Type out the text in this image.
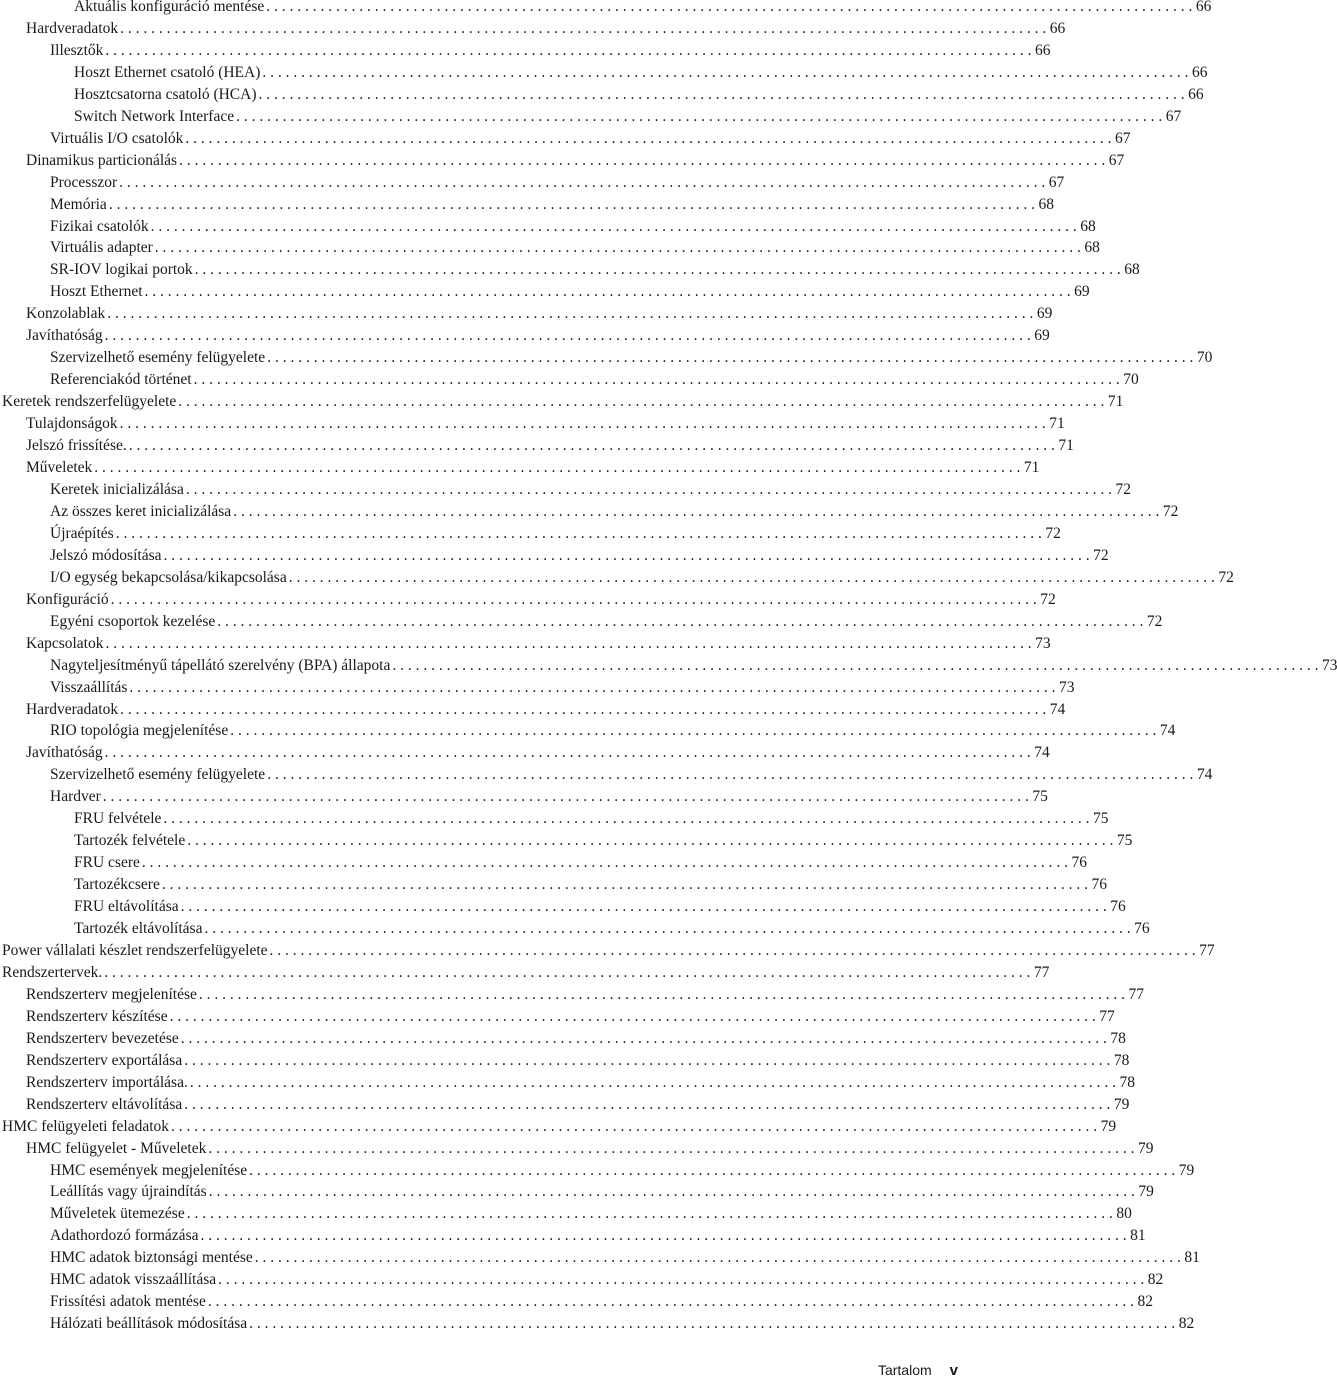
Aktuális konfiguráció mentése . . . . . . . . . . . . . . . . . . . . . . . . . . . . . . . . . . . . . . . . . . . . . . . . . . . . . . . . . . . . . . . . . . . . . . . . . . . . . . . . . . . . . . . . . . . . . . . . . . . . . . . . . . . . . . . . . . . . . . . . 66
Hardveradatok . . . . . . . . . . . . . . . . . . . . . . . . . . . . . . . . . . . . . . . . . . . . . . . . . . . . . . . . . . . . . . . . . . . . . . . . . . . . . . . . . . . . . . . . . . . . . . . . . . . . . . . . . . . . . . . . . . . . . . . . 66
Illesztők . . . . . . . . . . . . . . . . . . . . . . . . . . . . . . . . . . . . . . . . . . . . . . . . . . . . . . . . . . . . . . . . . . . . . . . . . . . . . . . . . . . . . . . . . . . . . . . . . . . . . . . . . . . . . . . . . . . . . . . . 66
Hoszt Ethernet csatoló (HEA) . . . . . . . . . . . . . . . . . . . . . . . . . . . . . . . . . . . . . . . . . . . . . . . . . . . . . . . . . . . . . . . . . . . . . . . . . . . . . . . . . . . . . . . . . . . . . . . . . . . . . . . . . . . . . . . . . . . . . . . . 66
Hosztcsatorna csatoló (HCA) . . . . . . . . . . . . . . . . . . . . . . . . . . . . . . . . . . . . . . . . . . . . . . . . . . . . . . . . . . . . . . . . . . . . . . . . . . . . . . . . . . . . . . . . . . . . . . . . . . . . . . . . . . . . . . . . . . . . . . . . 66
Switch Network Interface . . . . . . . . . . . . . . . . . . . . . . . . . . . . . . . . . . . . . . . . . . . . . . . . . . . . . . . . . . . . . . . . . . . . . . . . . . . . . . . . . . . . . . . . . . . . . . . . . . . . . . . . . . . . . . . . . . . . . . . . 67
Virtuális I/O csatolók . . . . . . . . . . . . . . . . . . . . . . . . . . . . . . . . . . . . . . . . . . . . . . . . . . . . . . . . . . . . . . . . . . . . . . . . . . . . . . . . . . . . . . . . . . . . . . . . . . . . . . . . . . . . . . . . . . . . . . . . 67
Dinamikus particionálás . . . . . . . . . . . . . . . . . . . . . . . . . . . . . . . . . . . . . . . . . . . . . . . . . . . . . . . . . . . . . . . . . . . . . . . . . . . . . . . . . . . . . . . . . . . . . . . . . . . . . . . . . . . . . . . . . . . . . . . . 67
Processzor . . . . . . . . . . . . . . . . . . . . . . . . . . . . . . . . . . . . . . . . . . . . . . . . . . . . . . . . . . . . . . . . . . . . . . . . . . . . . . . . . . . . . . . . . . . . . . . . . . . . . . . . . . . . . . . . . . . . . . . . 67
Memória . . . . . . . . . . . . . . . . . . . . . . . . . . . . . . . . . . . . . . . . . . . . . . . . . . . . . . . . . . . . . . . . . . . . . . . . . . . . . . . . . . . . . . . . . . . . . . . . . . . . . . . . . . . . . . . . . . . . . . . . 68
Fizikai csatolók . . . . . . . . . . . . . . . . . . . . . . . . . . . . . . . . . . . . . . . . . . . . . . . . . . . . . . . . . . . . . . . . . . . . . . . . . . . . . . . . . . . . . . . . . . . . . . . . . . . . . . . . . . . . . . . . . . . . . . . . 68
Virtuális adapter . . . . . . . . . . . . . . . . . . . . . . . . . . . . . . . . . . . . . . . . . . . . . . . . . . . . . . . . . . . . . . . . . . . . . . . . . . . . . . . . . . . . . . . . . . . . . . . . . . . . . . . . . . . . . . . . . . . . . . . . 68
SR-IOV logikai portok . . . . . . . . . . . . . . . . . . . . . . . . . . . . . . . . . . . . . . . . . . . . . . . . . . . . . . . . . . . . . . . . . . . . . . . . . . . . . . . . . . . . . . . . . . . . . . . . . . . . . . . . . . . . . . . . . . . . . . . . 68
Hoszt Ethernet . . . . . . . . . . . . . . . . . . . . . . . . . . . . . . . . . . . . . . . . . . . . . . . . . . . . . . . . . . . . . . . . . . . . . . . . . . . . . . . . . . . . . . . . . . . . . . . . . . . . . . . . . . . . . . . . . . . . . . . . 69
Konzolablak . . . . . . . . . . . . . . . . . . . . . . . . . . . . . . . . . . . . . . . . . . . . . . . . . . . . . . . . . . . . . . . . . . . . . . . . . . . . . . . . . . . . . . . . . . . . . . . . . . . . . . . . . . . . . . . . . . . . . . . . 69
Javíthatóság . . . . . . . . . . . . . . . . . . . . . . . . . . . . . . . . . . . . . . . . . . . . . . . . . . . . . . . . . . . . . . . . . . . . . . . . . . . . . . . . . . . . . . . . . . . . . . . . . . . . . . . . . . . . . . . . . . . . . . . . 69
Szervizelhető esemény felügyelete . . . . . . . . . . . . . . . . . . . . . . . . . . . . . . . . . . . . . . . . . . . . . . . . . . . . . . . . . . . . . . . . . . . . . . . . . . . . . . . . . . . . . . . . . . . . . . . . . . . . . . . . . . . . . . . . . . . . . . . . 70
Referenciakód történet . . . . . . . . . . . . . . . . . . . . . . . . . . . . . . . . . . . . . . . . . . . . . . . . . . . . . . . . . . . . . . . . . . . . . . . . . . . . . . . . . . . . . . . . . . . . . . . . . . . . . . . . . . . . . . . . . . . . . . . . 70
Keretek rendszerfelügyelete . . . . . . . . . . . . . . . . . . . . . . . . . . . . . . . . . . . . . . . . . . . . . . . . . . . . . . . . . . . . . . . . . . . . . . . . . . . . . . . . . . . . . . . . . . . . . . . . . . . . . . . . . . . . . . . . . . . . . . . . 71
Tulajdonságok . . . . . . . . . . . . . . . . . . . . . . . . . . . . . . . . . . . . . . . . . . . . . . . . . . . . . . . . . . . . . . . . . . . . . . . . . . . . . . . . . . . . . . . . . . . . . . . . . . . . . . . . . . . . . . . . . . . . . . . . 71
Jelszó frissítése. . . . . . . . . . . . . . . . . . . . . . . . . . . . . . . . . . . . . . . . . . . . . . . . . . . . . . . . . . . . . . . . . . . . . . . . . . . . . . . . . . . . . . . . . . . . . . . . . . . . . . . . . . . . . . . . . . . . . . . . . 71
Műveletek . . . . . . . . . . . . . . . . . . . . . . . . . . . . . . . . . . . . . . . . . . . . . . . . . . . . . . . . . . . . . . . . . . . . . . . . . . . . . . . . . . . . . . . . . . . . . . . . . . . . . . . . . . . . . . . . . . . . . . . . 71
Keretek inicializálása . . . . . . . . . . . . . . . . . . . . . . . . . . . . . . . . . . . . . . . . . . . . . . . . . . . . . . . . . . . . . . . . . . . . . . . . . . . . . . . . . . . . . . . . . . . . . . . . . . . . . . . . . . . . . . . . . . . . . . . . 72
Az összes keret inicializálása . . . . . . . . . . . . . . . . . . . . . . . . . . . . . . . . . . . . . . . . . . . . . . . . . . . . . . . . . . . . . . . . . . . . . . . . . . . . . . . . . . . . . . . . . . . . . . . . . . . . . . . . . . . . . . . . . . . . . . . . 72
Újraépítés . . . . . . . . . . . . . . . . . . . . . . . . . . . . . . . . . . . . . . . . . . . . . . . . . . . . . . . . . . . . . . . . . . . . . . . . . . . . . . . . . . . . . . . . . . . . . . . . . . . . . . . . . . . . . . . . . . . . . . . . 72
Jelszó módosítása . . . . . . . . . . . . . . . . . . . . . . . . . . . . . . . . . . . . . . . . . . . . . . . . . . . . . . . . . . . . . . . . . . . . . . . . . . . . . . . . . . . . . . . . . . . . . . . . . . . . . . . . . . . . . . . . . . . . . . . . 72
I/O egység bekapcsolása/kikapcsolása . . . . . . . . . . . . . . . . . . . . . . . . . . . . . . . . . . . . . . . . . . . . . . . . . . . . . . . . . . . . . . . . . . . . . . . . . . . . . . . . . . . . . . . . . . . . . . . . . . . . . . . . . . . . . . . . . . . . . . . . 72
Konfiguráció . . . . . . . . . . . . . . . . . . . . . . . . . . . . . . . . . . . . . . . . . . . . . . . . . . . . . . . . . . . . . . . . . . . . . . . . . . . . . . . . . . . . . . . . . . . . . . . . . . . . . . . . . . . . . . . . . . . . . . . . 72
Egyéni csoportok kezelése . . . . . . . . . . . . . . . . . . . . . . . . . . . . . . . . . . . . . . . . . . . . . . . . . . . . . . . . . . . . . . . . . . . . . . . . . . . . . . . . . . . . . . . . . . . . . . . . . . . . . . . . . . . . . . . . . . . . . . . . 72
Kapcsolatok . . . . . . . . . . . . . . . . . . . . . . . . . . . . . . . . . . . . . . . . . . . . . . . . . . . . . . . . . . . . . . . . . . . . . . . . . . . . . . . . . . . . . . . . . . . . . . . . . . . . . . . . . . . . . . . . . . . . . . . . 73
Nagyteljesítményű tápellátó szerelvény (BPA) állapota . . . . . . . . . . . . . . . . . . . . . . . . . . . . . . . . . . . . . . . . . . . . . . . . . . . . . . . . . . . . . . . . . . . . . . . . . . . . . . . . . . . . . . . . . . . . . . . . . . . . . . . . . . . . . . . . . . . . . . . . 73
Visszaállítás . . . . . . . . . . . . . . . . . . . . . . . . . . . . . . . . . . . . . . . . . . . . . . . . . . . . . . . . . . . . . . . . . . . . . . . . . . . . . . . . . . . . . . . . . . . . . . . . . . . . . . . . . . . . . . . . . . . . . . . . 73
Hardveradatok . . . . . . . . . . . . . . . . . . . . . . . . . . . . . . . . . . . . . . . . . . . . . . . . . . . . . . . . . . . . . . . . . . . . . . . . . . . . . . . . . . . . . . . . . . . . . . . . . . . . . . . . . . . . . . . . . . . . . . . . 74
RIO topológia megjelenítése . . . . . . . . . . . . . . . . . . . . . . . . . . . . . . . . . . . . . . . . . . . . . . . . . . . . . . . . . . . . . . . . . . . . . . . . . . . . . . . . . . . . . . . . . . . . . . . . . . . . . . . . . . . . . . . . . . . . . . . . 74
Javíthatóság . . . . . . . . . . . . . . . . . . . . . . . . . . . . . . . . . . . . . . . . . . . . . . . . . . . . . . . . . . . . . . . . . . . . . . . . . . . . . . . . . . . . . . . . . . . . . . . . . . . . . . . . . . . . . . . . . . . . . . . . 74
Szervizelhető esemény felügyelete . . . . . . . . . . . . . . . . . . . . . . . . . . . . . . . . . . . . . . . . . . . . . . . . . . . . . . . . . . . . . . . . . . . . . . . . . . . . . . . . . . . . . . . . . . . . . . . . . . . . . . . . . . . . . . . . . . . . . . . . 74
Hardver . . . . . . . . . . . . . . . . . . . . . . . . . . . . . . . . . . . . . . . . . . . . . . . . . . . . . . . . . . . . . . . . . . . . . . . . . . . . . . . . . . . . . . . . . . . . . . . . . . . . . . . . . . . . . . . . . . . . . . . . 75
FRU felvétele . . . . . . . . . . . . . . . . . . . . . . . . . . . . . . . . . . . . . . . . . . . . . . . . . . . . . . . . . . . . . . . . . . . . . . . . . . . . . . . . . . . . . . . . . . . . . . . . . . . . . . . . . . . . . . . . . . . . . . . . 75
Tartozék felvétele . . . . . . . . . . . . . . . . . . . . . . . . . . . . . . . . . . . . . . . . . . . . . . . . . . . . . . . . . . . . . . . . . . . . . . . . . . . . . . . . . . . . . . . . . . . . . . . . . . . . . . . . . . . . . . . . . . . . . . . . 75
FRU csere . . . . . . . . . . . . . . . . . . . . . . . . . . . . . . . . . . . . . . . . . . . . . . . . . . . . . . . . . . . . . . . . . . . . . . . . . . . . . . . . . . . . . . . . . . . . . . . . . . . . . . . . . . . . . . . . . . . . . . . . 76
Tartozékcsere . . . . . . . . . . . . . . . . . . . . . . . . . . . . . . . . . . . . . . . . . . . . . . . . . . . . . . . . . . . . . . . . . . . . . . . . . . . . . . . . . . . . . . . . . . . . . . . . . . . . . . . . . . . . . . . . . . . . . . . . 76
FRU eltávolítása . . . . . . . . . . . . . . . . . . . . . . . . . . . . . . . . . . . . . . . . . . . . . . . . . . . . . . . . . . . . . . . . . . . . . . . . . . . . . . . . . . . . . . . . . . . . . . . . . . . . . . . . . . . . . . . . . . . . . . . . 76
Tartozék eltávolítása . . . . . . . . . . . . . . . . . . . . . . . . . . . . . . . . . . . . . . . . . . . . . . . . . . . . . . . . . . . . . . . . . . . . . . . . . . . . . . . . . . . . . . . . . . . . . . . . . . . . . . . . . . . . . . . . . . . . . . . . 76
Power vállalati készlet rendszerfelügyelete . . . . . . . . . . . . . . . . . . . . . . . . . . . . . . . . . . . . . . . . . . . . . . . . . . . . . . . . . . . . . . . . . . . . . . . . . . . . . . . . . . . . . . . . . . . . . . . . . . . . . . . . . . . . . . . . . . . . . . . . 77
Rendszertervek. . . . . . . . . . . . . . . . . . . . . . . . . . . . . . . . . . . . . . . . . . . . . . . . . . . . . . . . . . . . . . . . . . . . . . . . . . . . . . . . . . . . . . . . . . . . . . . . . . . . . . . . . . . . . . . . . . . . . . . . . 77
Rendszerterv megjelenítése . . . . . . . . . . . . . . . . . . . . . . . . . . . . . . . . . . . . . . . . . . . . . . . . . . . . . . . . . . . . . . . . . . . . . . . . . . . . . . . . . . . . . . . . . . . . . . . . . . . . . . . . . . . . . . . . . . . . . . . . 77
Rendszerterv készítése . . . . . . . . . . . . . . . . . . . . . . . . . . . . . . . . . . . . . . . . . . . . . . . . . . . . . . . . . . . . . . . . . . . . . . . . . . . . . . . . . . . . . . . . . . . . . . . . . . . . . . . . . . . . . . . . . . . . . . . . 77
Rendszerterv bevezetése . . . . . . . . . . . . . . . . . . . . . . . . . . . . . . . . . . . . . . . . . . . . . . . . . . . . . . . . . . . . . . . . . . . . . . . . . . . . . . . . . . . . . . . . . . . . . . . . . . . . . . . . . . . . . . . . . . . . . . . . 78
Rendszerterv exportálása . . . . . . . . . . . . . . . . . . . . . . . . . . . . . . . . . . . . . . . . . . . . . . . . . . . . . . . . . . . . . . . . . . . . . . . . . . . . . . . . . . . . . . . . . . . . . . . . . . . . . . . . . . . . . . . . . . . . . . . . 78
Rendszerterv importálása. . . . . . . . . . . . . . . . . . . . . . . . . . . . . . . . . . . . . . . . . . . . . . . . . . . . . . . . . . . . . . . . . . . . . . . . . . . . . . . . . . . . . . . . . . . . . . . . . . . . . . . . . . . . . . . . . . . . . . . . . 78
Rendszerterv eltávolítása . . . . . . . . . . . . . . . . . . . . . . . . . . . . . . . . . . . . . . . . . . . . . . . . . . . . . . . . . . . . . . . . . . . . . . . . . . . . . . . . . . . . . . . . . . . . . . . . . . . . . . . . . . . . . . . . . . . . . . . . 79
HMC felügyeleti feladatok . . . . . . . . . . . . . . . . . . . . . . . . . . . . . . . . . . . . . . . . . . . . . . . . . . . . . . . . . . . . . . . . . . . . . . . . . . . . . . . . . . . . . . . . . . . . . . . . . . . . . . . . . . . . . . . . . . . . . . . . 79
HMC felügyelet - Műveletek . . . . . . . . . . . . . . . . . . . . . . . . . . . . . . . . . . . . . . . . . . . . . . . . . . . . . . . . . . . . . . . . . . . . . . . . . . . . . . . . . . . . . . . . . . . . . . . . . . . . . . . . . . . . . . . . . . . . . . . . 79
HMC események megjelenítése . . . . . . . . . . . . . . . . . . . . . . . . . . . . . . . . . . . . . . . . . . . . . . . . . . . . . . . . . . . . . . . . . . . . . . . . . . . . . . . . . . . . . . . . . . . . . . . . . . . . . . . . . . . . . . . . . . . . . . . . 79
Leállítás vagy újraindítás . . . . . . . . . . . . . . . . . . . . . . . . . . . . . . . . . . . . . . . . . . . . . . . . . . . . . . . . . . . . . . . . . . . . . . . . . . . . . . . . . . . . . . . . . . . . . . . . . . . . . . . . . . . . . . . . . . . . . . . . 79
Műveletek ütemezése . . . . . . . . . . . . . . . . . . . . . . . . . . . . . . . . . . . . . . . . . . . . . . . . . . . . . . . . . . . . . . . . . . . . . . . . . . . . . . . . . . . . . . . . . . . . . . . . . . . . . . . . . . . . . . . . . . . . . . . . 80
Adathordozó formázása . . . . . . . . . . . . . . . . . . . . . . . . . . . . . . . . . . . . . . . . . . . . . . . . . . . . . . . . . . . . . . . . . . . . . . . . . . . . . . . . . . . . . . . . . . . . . . . . . . . . . . . . . . . . . . . . . . . . . . . . 81
HMC adatok biztonsági mentése . . . . . . . . . . . . . . . . . . . . . . . . . . . . . . . . . . . . . . . . . . . . . . . . . . . . . . . . . . . . . . . . . . . . . . . . . . . . . . . . . . . . . . . . . . . . . . . . . . . . . . . . . . . . . . . . . . . . . . . . 81
HMC adatok visszaállítása . . . . . . . . . . . . . . . . . . . . . . . . . . . . . . . . . . . . . . . . . . . . . . . . . . . . . . . . . . . . . . . . . . . . . . . . . . . . . . . . . . . . . . . . . . . . . . . . . . . . . . . . . . . . . . . . . . . . . . . . 82
Frissítési adatok mentése . . . . . . . . . . . . . . . . . . . . . . . . . . . . . . . . . . . . . . . . . . . . . . . . . . . . . . . . . . . . . . . . . . . . . . . . . . . . . . . . . . . . . . . . . . . . . . . . . . . . . . . . . . . . . . . . . . . . . . . . 82
Hálózati beállítások módosítása . . . . . . . . . . . . . . . . . . . . . . . . . . . . . . . . . . . . . . . . . . . . . . . . . . . . . . . . . . . . . . . . . . . . . . . . . . . . . . . . . . . . . . . . . . . . . . . . . . . . . . . . . . . . . . . . . . . . . . . . 82
Tartalom v
